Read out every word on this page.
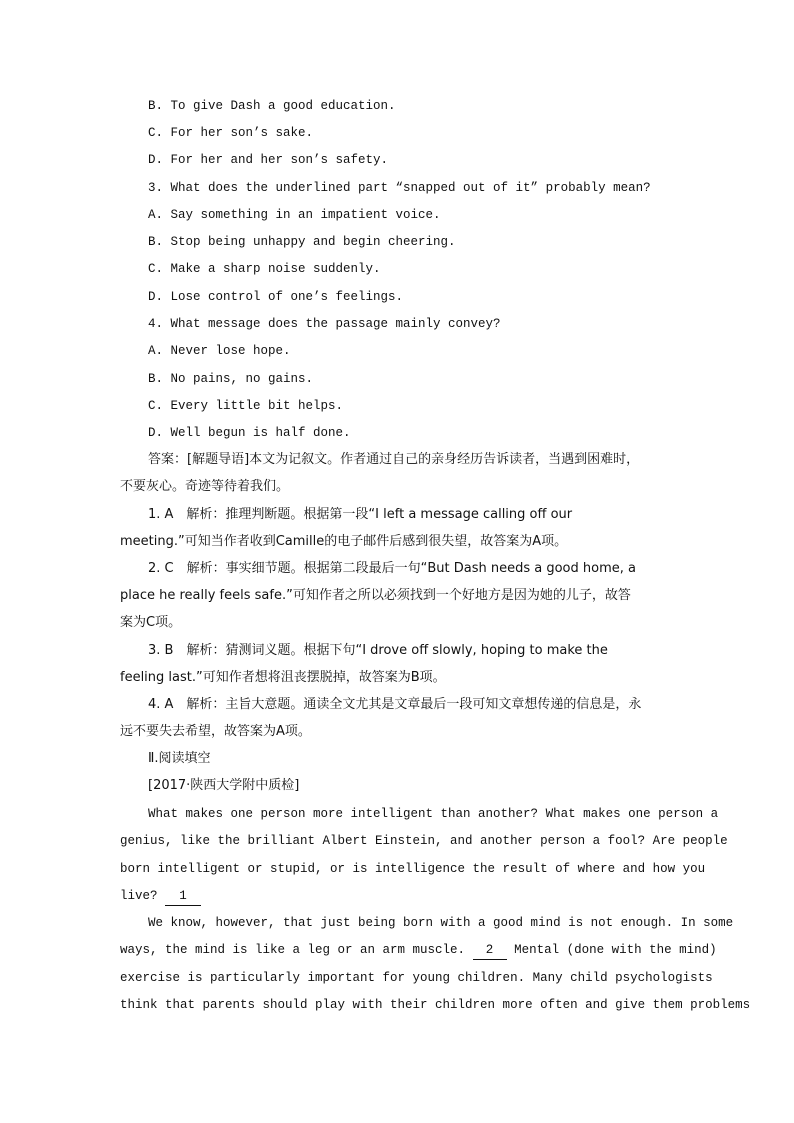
B. To give Dash a good education.
C. For her son’s sake.
D. For her and her son’s safety.
3. What does the underlined part “snapped out of it” probably mean?
A. Say something in an impatient voice.
B. Stop being unhappy and begin cheering.
C. Make a sharp noise suddenly.
D. Lose control of one’s feelings.
4. What message does the passage mainly convey?
A. Never lose hope.
B. No pains, no gains.
C. Every little bit helps.
D. Well begun is half done.
答案：[解题导语]本文为记叙文。作者通过自己的亲身经历告诉读者，当遇到困难时，
不要灰心。奇迹等待着我们。
1. A　解析：推理判断题。根据第一段“I left a message calling off our
meeting.”可知当作者收到Camille的电子邮件后感到很失望，故答案为A项。
2. C　解析：事实细节题。根据第二段最后一句“But Dash needs a good home, a
place he really feels safe.”可知作者之所以必须找到一个好地方是因为她的儿子，故答
案为C项。
3. B　解析：猜测词义题。根据下句“I drove off slowly, hoping to make the
feeling last.”可知作者想将沮丧摆脱掉，故答案为B项。
4. A　解析：主旨大意题。通读全文尤其是文章最后一段可知文章想传递的信息是，永
远不要失去希望，故答案为A项。
Ⅱ.阅读填空
[2017·陕西大学附中质检]
What makes one person more intelligent than another? What makes one person a
genius, like the brilliant Albert Einstein, and another person a fool? Are people
born intelligent or stupid, or is intelligence the result of where and how you
live? 1
We know, however, that just being born with a good mind is not enough. In some
ways, the mind is like a leg or an arm muscle. 2 Mental (done with the mind)
exercise is particularly important for young children. Many child psychologists
think that parents should play with their children more often and give them problems
